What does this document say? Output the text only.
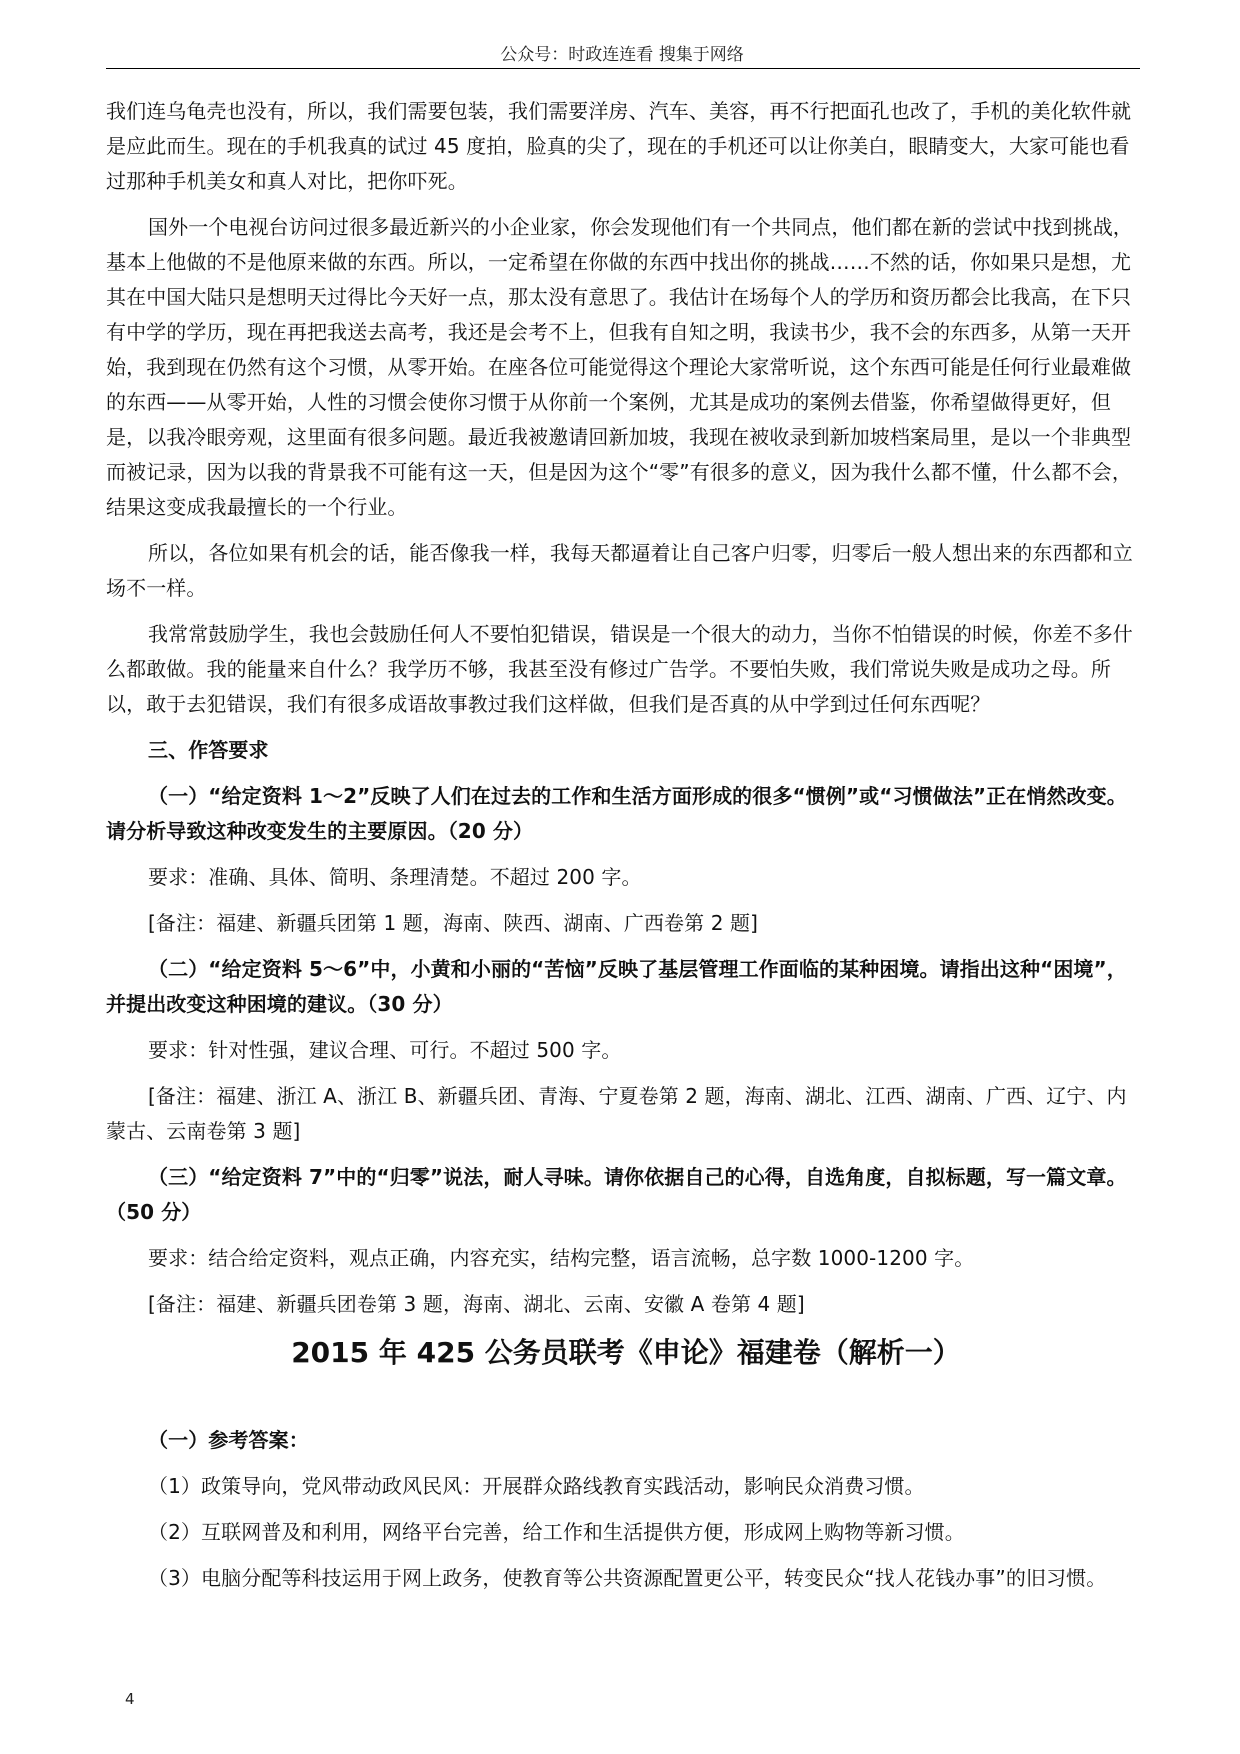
公众号：时政连连看 搜集于网络

我们连乌龟壳也没有，所以，我们需要包装，我们需要洋房、汽车、美容，再不行把面孔也改了，手机的美化软件就是应此而生。现在的手机我真的试过 45 度拍，脸真的尖了，现在的手机还可以让你美白，眼睛变大，大家可能也看过那种手机美女和真人对比，把你吓死。

国外一个电视台访问过很多最近新兴的小企业家，你会发现他们有一个共同点，他们都在新的尝试中找到挑战，基本上他做的不是他原来做的东西。所以，一定希望在你做的东西中找出你的挑战……不然的话，你如果只是想，尤其在中国大陆只是想明天过得比今天好一点，那太没有意思了。我估计在场每个人的学历和资历都会比我高，在下只有中学的学历，现在再把我送去高考，我还是会考不上，但我有自知之明，我读书少，我不会的东西多，从第一天开始，我到现在仍然有这个习惯，从零开始。在座各位可能觉得这个理论大家常听说，这个东西可能是任何行业最难做的东西——从零开始，人性的习惯会使你习惯于从你前一个案例，尤其是成功的案例去借鉴，你希望做得更好，但是，以我冷眼旁观，这里面有很多问题。最近我被邀请回新加坡，我现在被收录到新加坡档案局里，是以一个非典型而被记录，因为以我的背景我不可能有这一天，但是因为这个“零”有很多的意义，因为我什么都不懂，什么都不会，结果这变成我最擅长的一个行业。

所以，各位如果有机会的话，能否像我一样，我每天都逼着让自己客户归零，归零后一般人想出来的东西都和立场不一样。

我常常鼓励学生，我也会鼓励任何人不要怕犯错误，错误是一个很大的动力，当你不怕错误的时候，你差不多什么都敢做。我的能量来自什么？我学历不够，我甚至没有修过广告学。不要怕失败，我们常说失败是成功之母。所以，敢于去犯错误，我们有很多成语故事教过我们这样做，但我们是否真的从中学到过任何东西呢？

三、作答要求

（一）“给定资料 1～2”反映了人们在过去的工作和生活方面形成的很多“惯例”或“习惯做法”正在悄然改变。请分析导致这种改变发生的主要原因。（20 分）

要求：准确、具体、简明、条理清楚。不超过 200 字。

[备注：福建、新疆兵团第 1 题，海南、陕西、湖南、广西卷第 2 题]

（二）“给定资料 5～6”中，小黄和小丽的“苦恼”反映了基层管理工作面临的某种困境。请指出这种“困境”，并提出改变这种困境的建议。（30 分）

要求：针对性强，建议合理、可行。不超过 500 字。

[备注：福建、浙江 A、浙江 B、新疆兵团、青海、宁夏卷第 2 题，海南、湖北、江西、湖南、广西、辽宁、内蒙古、云南卷第 3 题]

（三）“给定资料 7”中的“归零”说法，耐人寻味。请你依据自己的心得，自选角度，自拟标题，写一篇文章。（50 分）

要求：结合给定资料，观点正确，内容充实，结构完整，语言流畅，总字数 1000-1200 字。

[备注：福建、新疆兵团卷第 3 题，海南、湖北、云南、安徽 A 卷第 4 题]

2015 年 425 公务员联考《申论》福建卷（解析一）

（一）参考答案：

（1）政策导向，党风带动政风民风：开展群众路线教育实践活动，影响民众消费习惯。

（2）互联网普及和利用，网络平台完善，给工作和生活提供方便，形成网上购物等新习惯。

（3）电脑分配等科技运用于网上政务，使教育等公共资源配置更公平，转变民众“找人花钱办事”的旧习惯。

4
